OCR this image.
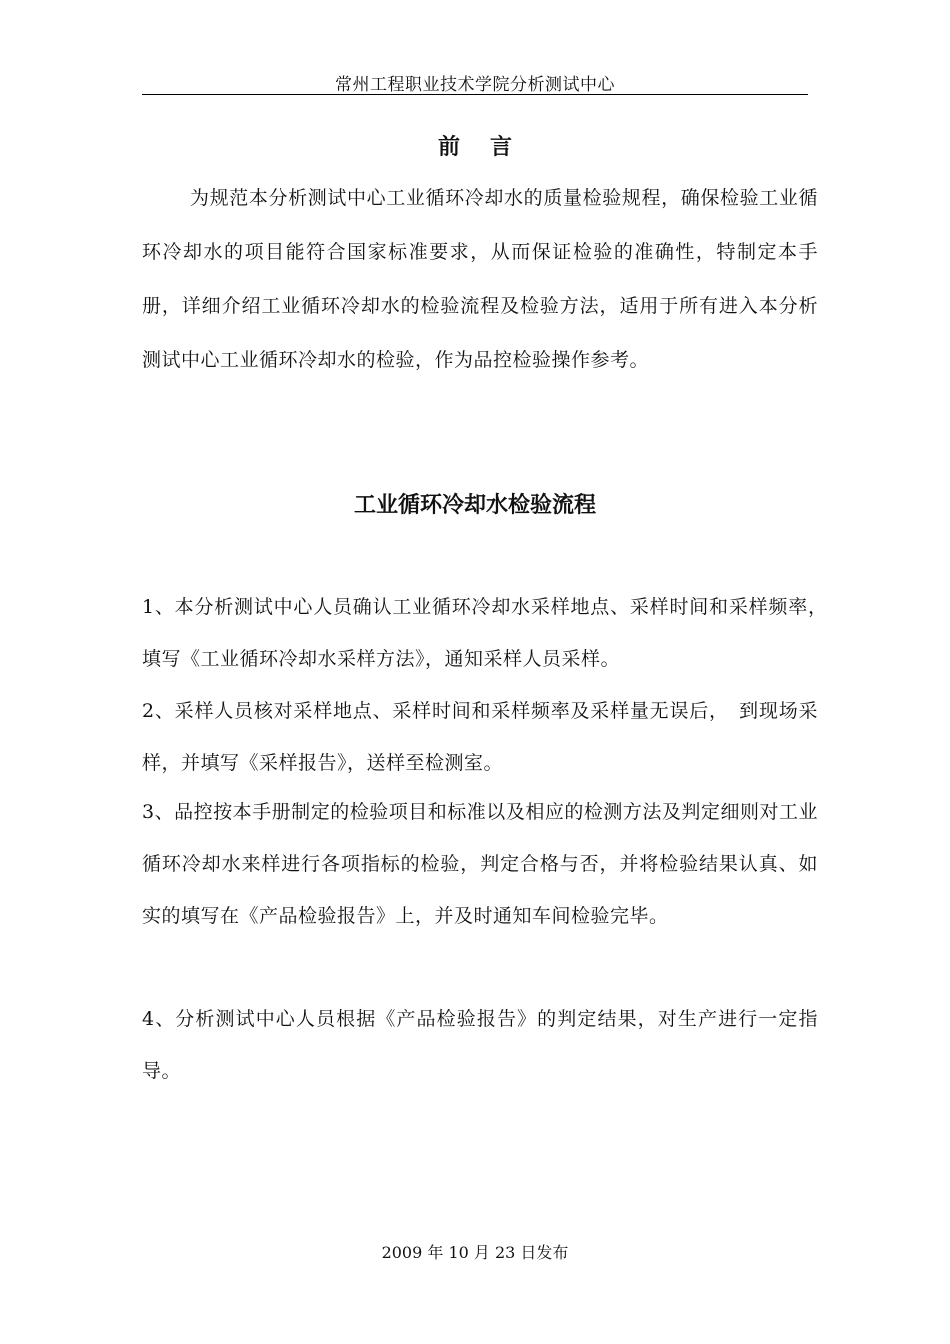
常州工程职业技术学院分析测试中心
前言
为规范本分析测试中心工业循环冷却水的质量检验规程，确保检验工业循环冷却水的项目能符合国家标准要求，从而保证检验的准确性，特制定本手册，详细介绍工业循环冷却水的检验流程及检验方法，适用于所有进入本分析测试中心工业循环冷却水的检验，作为品控检验操作参考。
工业循环冷却水检验流程
1、本分析测试中心人员确认工业循环冷却水采样地点、采样时间和采样频率，　填写《工业循环冷却水采样方法》，通知采样人员采样。
2、采样人员核对采样地点、采样时间和采样频率及采样量无误后，　到现场采样，并填写《采样报告》，送样至检测室。
3、品控按本手册制定的检验项目和标准以及相应的检测方法及判定细则对工业循环冷却水来样进行各项指标的检验，判定合格与否，并将检验结果认真、如实的填写在《产品检验报告》上，并及时通知车间检验完毕。
4、分析测试中心人员根据《产品检验报告》的判定结果，对生产进行一定指导。
2009 年 10 月 23 日发布
